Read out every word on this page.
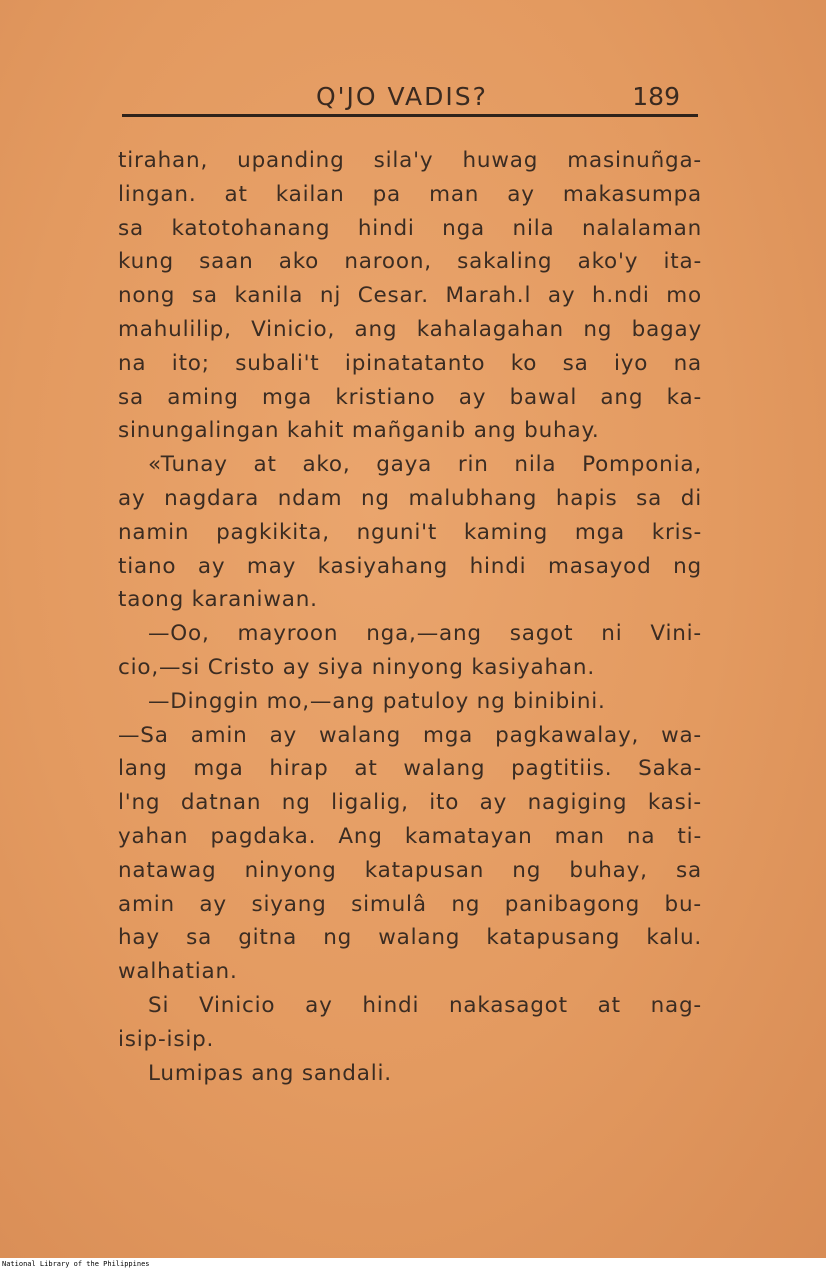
Q'JO VADIS?	189
tirahan, upanding sila'y huwag masinuñga-
lingan. at kailan pa man ay makasumpa
sa katotohanang hindi nga nila nalalaman
kung saan ako naroon, sakaling ako'y ita-
nong sa kanila nj Cesar. Marah.l ay h.ndi mo
mahulilip, Vinicio, ang kahalagahan ng bagay
na ito; subali't ipinatatanto ko sa iyo na
sa aming mga kristiano ay bawal ang ka-
sinungalingan kahit mañganib ang buhay.
«Tunay at ako, gaya rin nila Pomponia,
ay nagdara ndam ng malubhang hapis sa di
namin pagkikita, nguni't kaming mga kris-
tiano ay may kasiyahang hindi masayod ng
taong karaniwan.
—Oo, mayroon nga,—ang sagot ni Vini-
cio,—si Cristo ay siya ninyong kasiyahan.
—Dinggin mo,—ang patuloy ng binibini.
—Sa amin ay walang mga pagkawalay, wa-
lang mga hirap at walang pagtitiis. Saka-
l'ng datnan ng ligalig, ito ay nagiging kasi-
yahan pagdaka. Ang kamatayan man na ti-
natawag ninyong katapusan ng buhay, sa
amin ay siyang simulâ ng panibagong bu-
hay sa gitna ng walang katapusang kalu.
walhatian.
Si Vinicio ay hindi nakasagot at nag-
isip-isip.
Lumipas ang sandali.
National Library of the Philippines
